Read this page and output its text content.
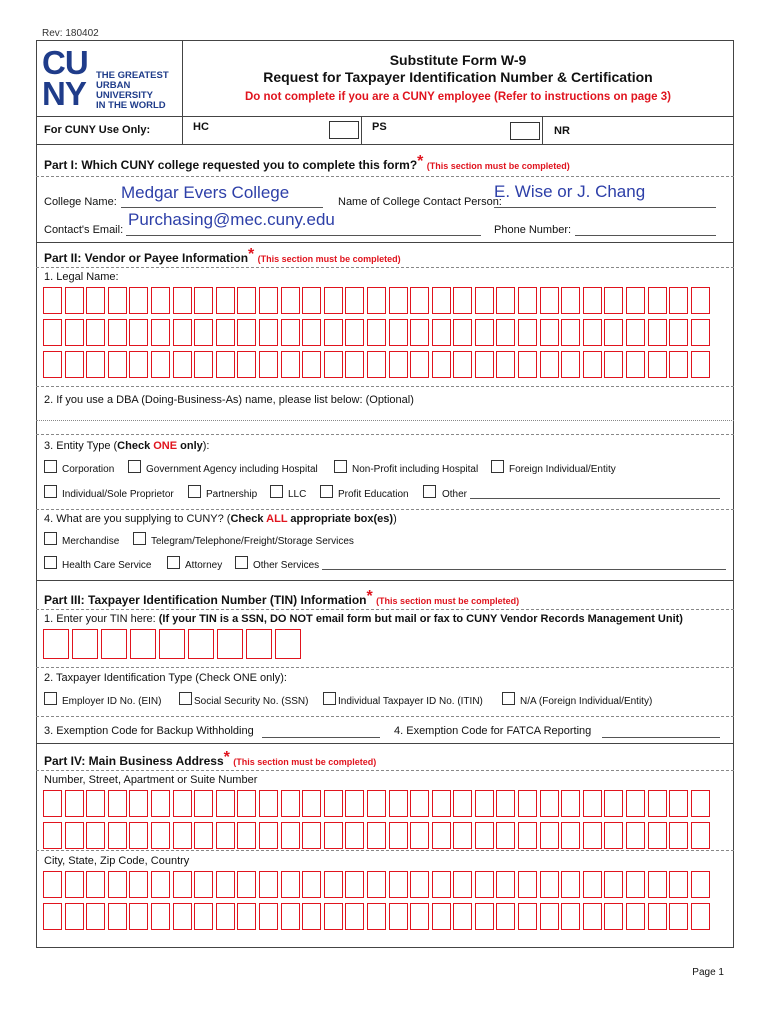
Rev: 180402
CUNY THE GREATEST
URBAN UNIVERSITY
IN THE WORLD
Substitute Form W-9
Request for Taxpayer Identification Number & Certification
Do not complete if you are a CUNY employee (Refer to instructions on page 3)
For CUNY Use Only:	HC	PS	NR
Part I: Which CUNY college requested you to complete this form?* (This section must be completed)
College Name: Medgar Evers College	Name of College Contact Person:
E. Wise or J. Chang
Contact's Email:
Purchasing@mec.cuny.edu
Phone Number:
Part II: Vendor or Payee Information* (This section must be completed)
1. Legal Name:
2. If you use a DBA (Doing-Business-As) name, please list below: (Optional)
3. Entity Type (Check ONE only):
Corporation	Government Agency including Hospital	Non-Profit including Hospital	Foreign Individual/Entity
Individual/Sole Proprietor	Partnership	LLC	Profit Education	Other
4. What are you supplying to CUNY? (Check ALL appropriate box(es))
Merchandise	Telegram/Telephone/Freight/Storage Services
Health Care Service	Attorney	Other Services
Part III: Taxpayer Identification Number (TIN) Information* (This section must be completed)
1. Enter your TIN here: (If your TIN is a SSN, DO NOT email form but mail or fax to CUNY Vendor Records Management Unit)
2. Taxpayer Identification Type (Check ONE only):
Employer ID No. (EIN)	Social Security No. (SSN)	Individual Taxpayer ID No. (ITIN)	N/A (Foreign Individual/Entity)
3. Exemption Code for Backup Withholding	4. Exemption Code for FATCA Reporting
Part IV: Main Business Address* (This section must be completed)
Number, Street, Apartment or Suite Number
City, State, Zip Code, Country
Page 1
